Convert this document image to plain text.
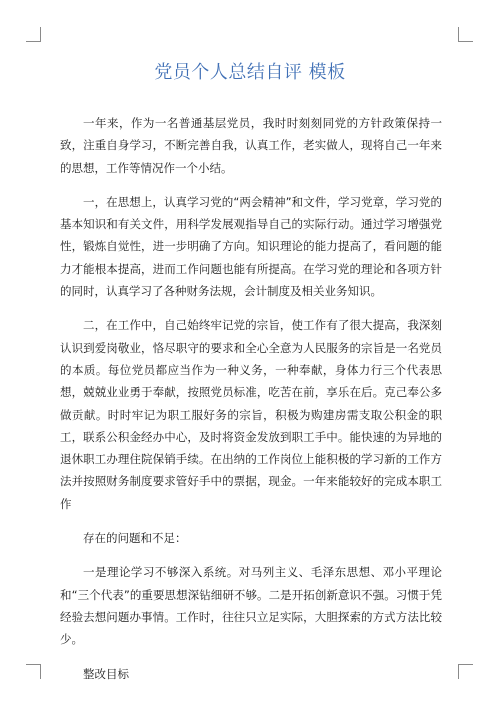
党员个人总结自评 模板

一年来，作为一名普通基层党员，我时时刻刻同党的方针政策保持一致，注重自身学习，不断完善自我，认真工作，老实做人，现将自己一年来的思想，工作等情况作一个小结。

一，在思想上，认真学习党的“两会精神”和文件，学习党章，学习党的基本知识和有关文件，用科学发展观指导自己的实际行动。通过学习增强党性，锻炼自觉性，进一步明确了方向。知识理论的能力提高了，看问题的能力才能根本提高，进而工作问题也能有所提高。在学习党的理论和各项方针的同时，认真学习了各种财务法规，会计制度及相关业务知识。

二，在工作中，自己始终牢记党的宗旨，使工作有了很大提高，我深刻认识到爱岗敬业，恪尽职守的要求和全心全意为人民服务的宗旨是一名党员的本质。每位党员都应当作为一种义务，一种奉献，身体力行三个代表思想，兢兢业业勇于奉献，按照党员标准，吃苦在前，享乐在后。克己奉公多做贡献。时时牢记为职工服好务的宗旨，积极为购建房需支取公积金的职工，联系公积金经办中心，及时将资金发放到职工手中。能快速的为异地的退休职工办理住院保销手续。在出纳的工作岗位上能积极的学习新的工作方法并按照财务制度要求管好手中的票据，现金。一年来能较好的完成本职工作

存在的问题和不足：

一是理论学习不够深入系统。对马列主义、毛泽东思想、邓小平理论和“三个代表”的重要思想深钻细研不够。二是开拓创新意识不强。习惯于凭经验去想问题办事情。工作时，往往只立足实际，大胆探索的方式方法比较少。

整改目标
